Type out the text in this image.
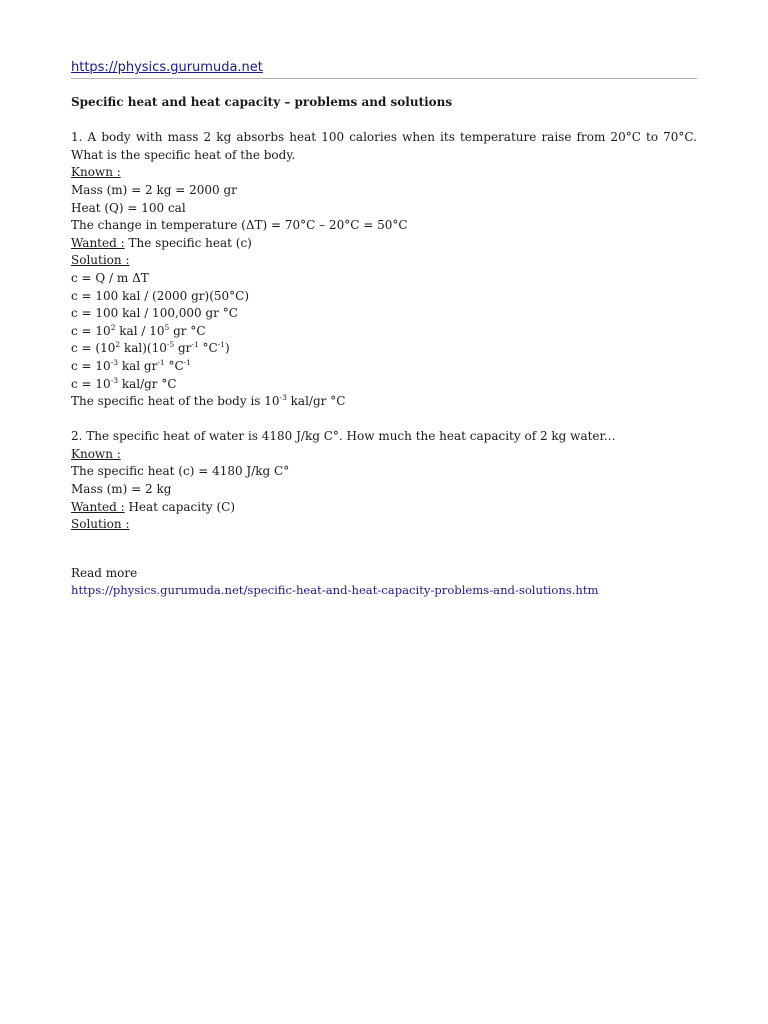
https://physics.gurumuda.net
Specific heat and heat capacity – problems and solutions
1. A body with mass 2 kg absorbs heat 100 calories when its temperature raise from 20°C to 70°C.
What is the specific heat of the body.
Known :
Mass (m) = 2 kg = 2000 gr
Heat (Q) = 100 cal
The change in temperature (ΔT) = 70°C – 20°C = 50°C
Wanted : The specific heat (c)
Solution :
c = Q / m ΔT
c = 100 kal / (2000 gr)(50°C)
c = 100 kal / 100,000 gr °C
$c = 10^2$ kal / $10^5$ gr °C
$c = (10^2$ $kal)(10^{-5}$ $gr^{-1}$ $^\circ C^{-1}$)
$c = 10^{-3}$ kal $gr^{-1}$ $^\circ C^{-1}$
$c = 10^{-3}$ kal/gr °C
The specific heat of the body is $10^{-3}$ kal/gr °C
2. The specific heat of water is 4180 J/kg C°. How much the heat capacity of 2 kg water...
Known :
The specific heat (c) = 4180 J/kg C°
Mass (m) = 2 kg
Wanted : Heat capacity (C)
Solution :
Read more
https://physics.gurumuda.net/specific-heat-and-heat-capacity-problems-and-solutions.htm
